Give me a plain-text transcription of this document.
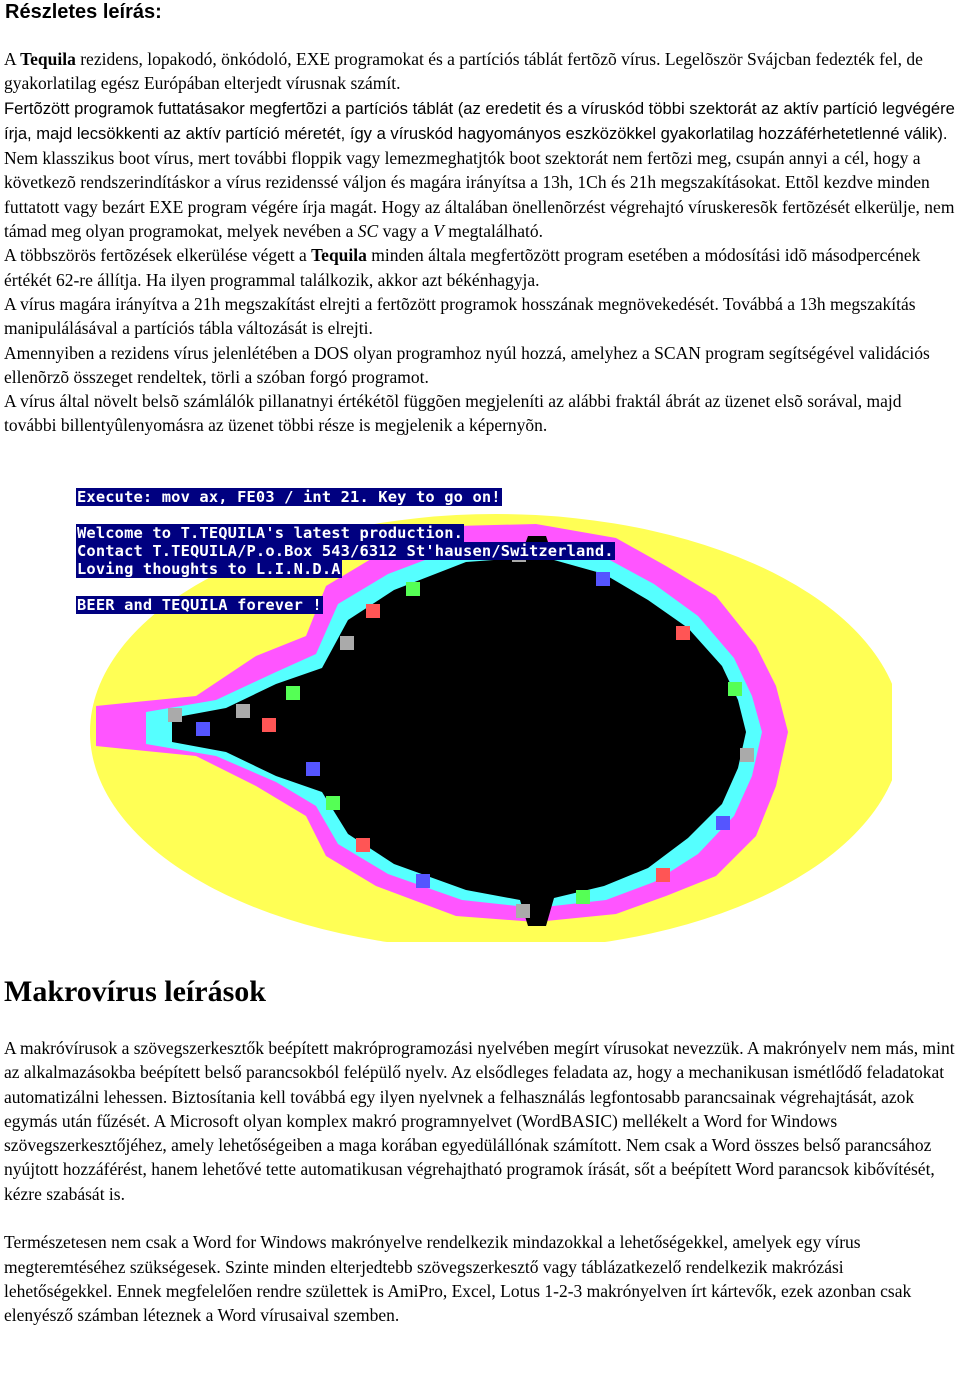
Részletes leírás:

A Tequila rezidens, lopakodó, önkódoló, EXE programokat és a partíciós táblát fertõzõ vírus. Legelõször Svájcban fedezték fel, de gyakorlatilag egész Európában elterjedt vírusnak számít.

Fertõzött programok futtatásakor megfertõzi a partíciós táblát (az eredetit és a víruskód többi szektorát az aktív partíció legvégére írja, majd lecsökkenti az aktív partíció méretét, így a víruskód hagyományos eszközökkel gyakorlatilag hozzáférhetetlenné válik). Nem klasszikus boot vírus, mert további floppik vagy lemezmeghatjtók boot szektorát nem fertõzi meg, csupán annyi a cél, hogy a következõ rendszerindításkor a vírus rezidenssé váljon és magára irányítsa a 13h, 1Ch és 21h megszakításokat. Ettõl kezdve minden futtatott vagy bezárt EXE program végére írja magát. Hogy az általában önellenõrzést végrehajtó víruskeresõk fertõzését elkerülje, nem támad meg olyan programokat, melyek nevében a SC vagy a V megtalálható.

A többszörös fertõzések elkerülése végett a Tequila minden általa megfertõzött program esetében a módosítási idõ másodpercének értékét 62-re állítja. Ha ilyen programmal találkozik, akkor azt békénhagyja.

A vírus magára irányítva a 21h megszakítást elrejti a fertõzött programok hosszának megnövekedését. Továbbá a 13h megszakítás manipulálásával a partíciós tábla változását is elrejti.

Amennyiben a rezidens vírus jelenlétében a DOS olyan programhoz nyúl hozzá, amelyhez a SCAN program segítségével validációs ellenõrzõ összeget rendeltek, törli a szóban forgó programot.

A vírus által növelt belsõ számlálók pillanatnyi értékétõl függõen megjeleníti az alábbi fraktál ábrát az üzenet elsõ sorával, majd további billentyûlenyomásra az üzenet többi része is megjelenik a képernyõn.

Execute: mov ax, FE03 / int 21. Key to go on!
Welcome to T.TEQUILA's latest production.
Contact T.TEQUILA/P.o.Box 543/6312 St'hausen/Switzerland.
Loving thoughts to L.I.N.D.A
BEER and TEQUILA forever !
Makrovírus leírások

A makróvírusok a szövegszerkesztők beépített makróprogramozási nyelvében megírt vírusokat nevezzük. A makrónyelv nem más, mint az alkalmazásokba beépített belső parancsokból felépülő nyelv. Az elsődleges feladata az, hogy a mechanikusan ismétlődő feladatokat automatizálni lehessen. Biztosítania kell továbbá egy ilyen nyelvnek a felhasználás legfontosabb parancsainak végrehajtását, azok egymás után fűzését. A Microsoft olyan komplex makró programnyelvet (WordBASIC) mellékelt a Word for Windows szövegszerkesztőjéhez, amely lehetőségeiben a maga korában egyedülállónak számított. Nem csak a Word összes belső parancsához nyújtott hozzáférést, hanem lehetővé tette automatikusan végrehajtható programok írását, sőt a beépített Word parancsok kibővítését, kézre szabását is.

Természetesen nem csak a Word for Windows makrónyelve rendelkezik mindazokkal a lehetőségekkel, amelyek egy vírus megteremtéséhez szükségesek. Szinte minden elterjedtebb szövegszerkesztő vagy táblázatkezelő rendelkezik makrózási lehetőségekkel. Ennek megfelelően rendre születtek is AmiPro, Excel, Lotus 1-2-3 makrónyelven írt kártevők, ezek azonban csak elenyésző számban léteznek a Word vírusaival szemben.
